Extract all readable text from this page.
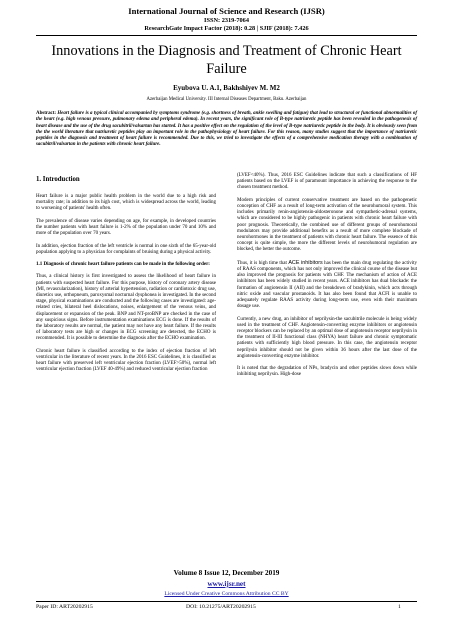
International Journal of Science and Research (IJSR)
ISSN: 2319-7064
ResearchGate Impact Factor (2018): 0.28 | SJIF (2018): 7.426
Innovations in the Diagnosis and Treatment of Chronic Heart Failure
Eyubova U. A.1, Bakhshiyev M. M2
Azerbaijan Medical University. III Internal Diseases Department, Baku. Azerbaijan
Abstract: Heart failure is a typical clinical accompanied by symptoms syndrome (e.g. shortness of breath, ankle swelling and fatigue) that lead to structural or functional abnormalities of the heart (e.g. high venous pressure, pulmonary edema and peripheral edema). In recent years, the significant role of B-type natriuretic peptide has been revealed in the pathogenesis of heart disease and the use of the drug sacubitril/valsartan has started. It has a positive effect on the regulation of the level of B-type natriuretic peptide in the body. It is obviously seen from the the world literature that natriuretic peptides play an important role in the pathophysiology of heart failure. For this reason, many studies suggest that the importance of natriuretic peptides in the diagnosis and treatment of heart failure is recommended. Due to this, we tried to investigate the effects of a comprehensive medication therapy with a combination of sacubitril/valsartan in the patients with chronic heart failure.
1. Introduction

Heart failure is a major public health problem in the world due to a high risk and mortality rate; in addition to its high cost, which is widespread across the world, leading to worsening of patients' health often.

The prevalence of disease varies depending on age, for example, in developed countries the number patients with heart failure is 1-2% of the population under 70 and 10% and more of the population over 70 years.

In addition, ejection fraction of the left ventricle is normal in one sixth of the 65-year-old population applying to a physician for complaints of bruising during a physical activity.

1.1 Diagnosis of chronic heart failure patients can be made in the following order:

Thus, a clinical history is first investigated to assess the likelihood of heart failure in patients with suspected heart failure. For this purpose, history of coronary artery disease (MI, revascularization), history of arterial hypertension, radiation or cardiotoxic drug use, diuretics use, orthopneum, paroxysmal nocturnal dysphonea is investigated. In the second stage, physical examinations are conducted and the following cases are investigated: age-related cries, bilateral heel dislocations, noises, enlargement of the venous veins, and displacement or expansion of the peak. BNP and NT-proBNP are checked in the case of any suspicious signs. Before instrumentation examinations ECG is done. If the results of the laboratory results are normal, the patient may not have any heart failure. If the results of laboratory tests are high or changes in ECG screening are detected, the ECHO is recommended. It is possible to determine the diagnosis after the ECHO examination.

Chronic heart failure is classified according to the index of ejection fraction of left ventricular in the literature of recent years. In the 2016 ESC Guidelines, it is classified as heart failure with preserved left ventricular ejection fraction (LVEF>50%), normal left ventricular ejection fraction (LVEF 40-49%) and reduced ventricular ejection fraction

(LVEF<40%). Thus, 2016 ESC Guidelines indicate that such a classifications of HF patients based on the LVEF is of paramount importance in achieving the response to the chosen treatment method.

Modern principles of current conservative treatment are based on the pathogenetic conception of CHF as a result of long-term activation of the neurohumoral system. This includes primarily renin-angiotensin-aldosteronone and sympathetic-adrenal systems, which are considered to be highly pathogenic in patients with chronic heart failure with poor prognosis. Theoretically, the combined use of different groups of neurohumoral modulators may provide additional benefits as a result of more complete blockade of neurohormones in the treatment of patients with chronic heart failure. The essence of this concept is quite simple, the more the different levels of neurohumoral regulation are blocked, the better the outcome.

Thus, it is high time that ACE inhibitors has been the main drug regulating the activity of RAAS components, which has not only improved the clinical course of the disease but also improved the prognosis for patients with CHF. The mechanism of action of ACE inhibitors has been widely studied in recent years. ACE inhibitors has dual blockade: the formation of angiotensin II (AII) and the breakdown of bradykinin, which acts through nitric oxide and vascular prostanoids. It has also been found that ACFI is unable to adequately regulate RAAS activity during long-term use, even with their maximum dosage use.

Currently, a new drug, an inhibitor of neprilysin-the sacubitrile molecule is being widely used in the treatment of CHF. Angiotensin-converting enzyme inhibitors or angiotensin receptor blockers can be replaced by an optimal dose of angiotensin receptor neprilysin in the treatment of II-III functional class (NHYA) heart failure and chronic symptomatic patients with sufficiently high blood pressure. In this case, the angiotensin receptor neprilysin inhibitor should not be given within 36 hours after the last dose of the angiotensin-converting enzyme inhibitor.

It is noted that the degradation of NPs, bradycin and other peptides slows down while inhibiting neprilysin. High-dose

Volume 8 Issue 12, December 2019
www.ijsr.net
Licensed Under Creative Commons Attribution CC BY
Paper ID: ART20202915	DOI: 10.21275/ART20202915	1
